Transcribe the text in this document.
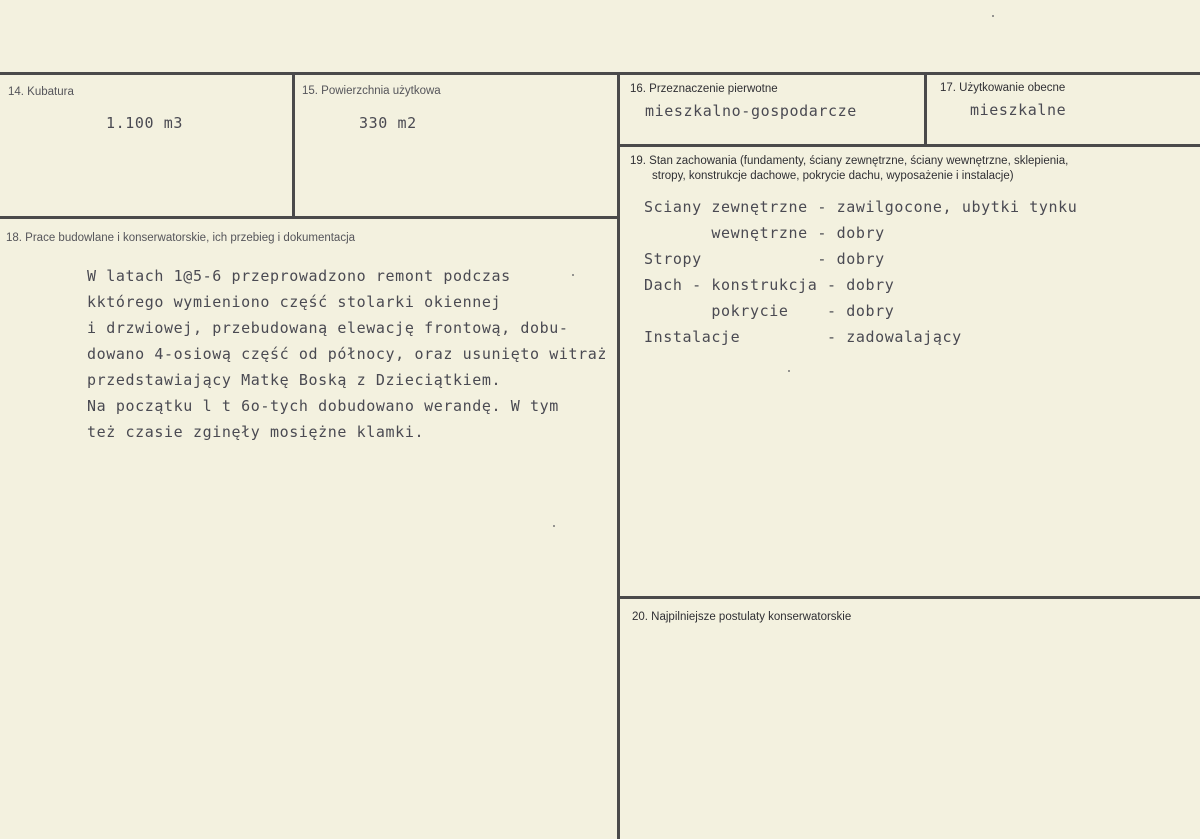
14. Kubatura
1.100 m3
15. Powierzchnia użytkowa
330 m2
16. Przeznaczenie pierwotne
mieszkalno-gospodarcze
17. Użytkowanie obecne
mieszkalne
18. Prace budowlane i konserwatorskie, ich przebieg i dokumentacja
W latach 1@5-6 przeprowadzono remont podczas
kktórego wymieniono część stolarki okiennej
i drzwiowej, przebudowaną elewację frontową, dobu-
dowano 4-osiową część od północy, oraz usunięto witraż
przedstawiający Matkę Boską z Dzieciątkiem.
Na początku l t 6o-tych dobudowano werandę. W tym
też czasie zginęły mosiężne klamki.
19. Stan zachowania (fundamenty, ściany zewnętrzne, ściany wewnętrzne, sklepienia,
stropy, konstrukcje dachowe, pokrycie dachu, wyposażenie i instalacje)
Sciany zewnętrzne - zawilgocone, ubytki tynku
wewnętrzne - dobry
Stropy            - dobry
Dach - konstrukcja - dobry
pokrycie    - dobry
Instalacje         - zadowalający
20. Najpilniejsze postulaty konserwatorskie
